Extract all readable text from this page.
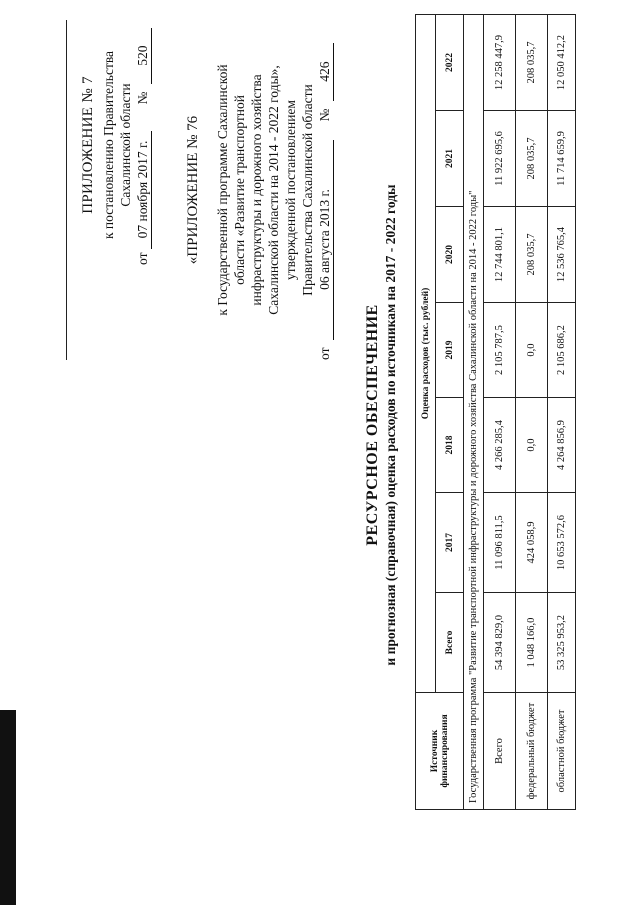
ПРИЛОЖЕНИЕ № 7 к постановлению Правительства Сахалинской области
от
07 ноября 2017 г.
№
520
«ПРИЛОЖЕНИЕ № 76 к Государственной программе Сахалинской области «Развитие транспортной инфраструктуры и дорожного хозяйства Сахалинской области на 2014 - 2022 годы», утвержденной постановлением Правительства Сахалинской области
от
06 августа 2013 г.
№
426
РЕСУРСНОЕ ОБЕСПЕЧЕНИЕ и прогнозная (справочная) оценка расходов по источникам на 2017 - 2022 годы
Источник финансирования	Оценка расходов (тыс. рублей)						
	Всего	2017	2018	2019	2020	2021	2022
Государственная программа "Развитие транспортной инфраструктуры и дорожного хозяйства Сахалинской области на 2014 - 2022 годы"							
Всего	54 394 829,0	11 096 811,5	4 266 285,4	2 105 787,5	12 744 801,1	11 922 695,6	12 258 447,9
федеральный бюджет	1 048 166,0	424 058,9	0,0	0,0	208 035,7	208 035,7	208 035,7
областной бюджет	53 325 953,2	10 653 572,6	4 264 856,9	2 105 686,2	12 536 765,4	11 714 659,9	12 050 412,2
